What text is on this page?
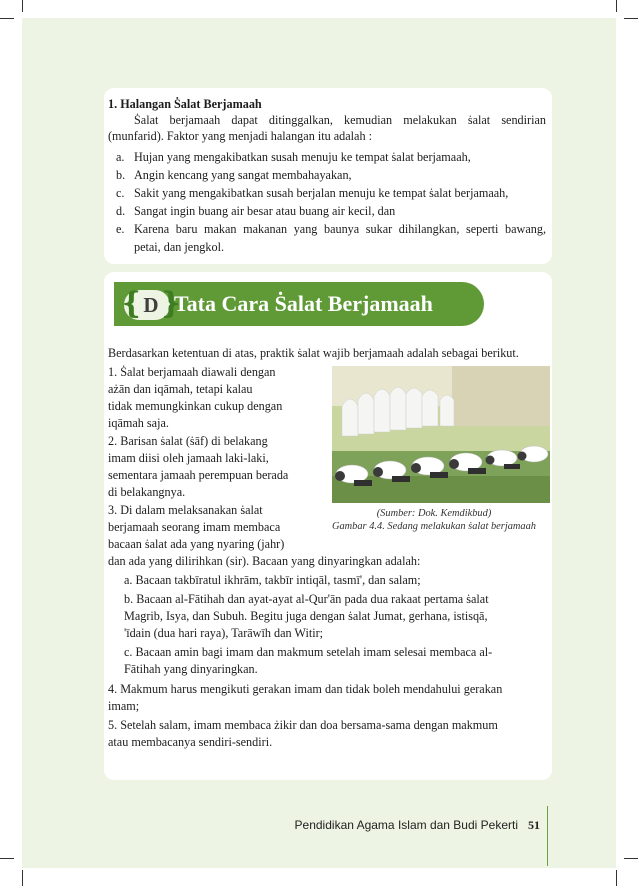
1. Halangan Ṡalat Berjamaah
Ṡalat berjamaah dapat ditinggalkan, kemudian melakukan ṡalat sendirian
(munfarid). Faktor yang menjadi halangan itu adalah :
a. Hujan yang mengakibatkan susah menuju ke tempat ṡalat berjamaah,
b. Angin kencang yang sangat membahayakan,
c. Sakit yang mengakibatkan susah berjalan menuju ke tempat ṡalat berjamaah,
d. Sangat ingin buang air besar atau buang air kecil, dan
e. Karena baru makan makanan yang baunya sukar dihilangkan, seperti bawang,
petai, dan jengkol.
❴ ❵
D Tata Cara Ṡalat Berjamaah
Berdasarkan ketentuan di atas, praktik ṡalat wajib berjamaah adalah sebagai berikut.
1. Ṡalat berjamaah diawali dengan
ażān dan iqāmah, tetapi kalau
tidak memungkinkan cukup dengan
iqāmah saja.
2. Barisan ṡalat (ṡāf) di belakang
imam diisi oleh jamaah laki-laki,
sementara jamaah perempuan berada
di belakangnya.
3. Di dalam melaksanakan ṡalat
berjamaah seorang imam membaca
bacaan ṡalat ada yang nyaring (jahr)
dan ada yang dilirihkan (sir). Bacaan yang dinyaringkan adalah:
a. Bacaan takbīratul ikhrām, takbīr intiqāl, tasmī', dan salam;
b. Bacaan al-Fātihah dan ayat-ayat al-Qur'ān pada dua rakaat pertama ṡalat
Magrib, Isya, dan Subuh. Begitu juga dengan ṡalat Jumat, gerhana, istisqā,
'īdain (dua hari raya), Tarāwīh dan Witir;
c. Bacaan amin bagi imam dan makmum setelah imam selesai membaca al-
Fātihah yang dinyaringkan.
4. Makmum harus mengikuti gerakan imam dan tidak boleh mendahului gerakan
imam;
5. Setelah salam, imam membaca żikir dan doa bersama-sama dengan makmum
atau membacanya sendiri-sendiri.
(Sumber: Dok. Kemdikbud)
Gambar 4.4. Sedang melakukan ṡalat berjamaah
Pendidikan Agama Islam dan Budi Pekerti 51
